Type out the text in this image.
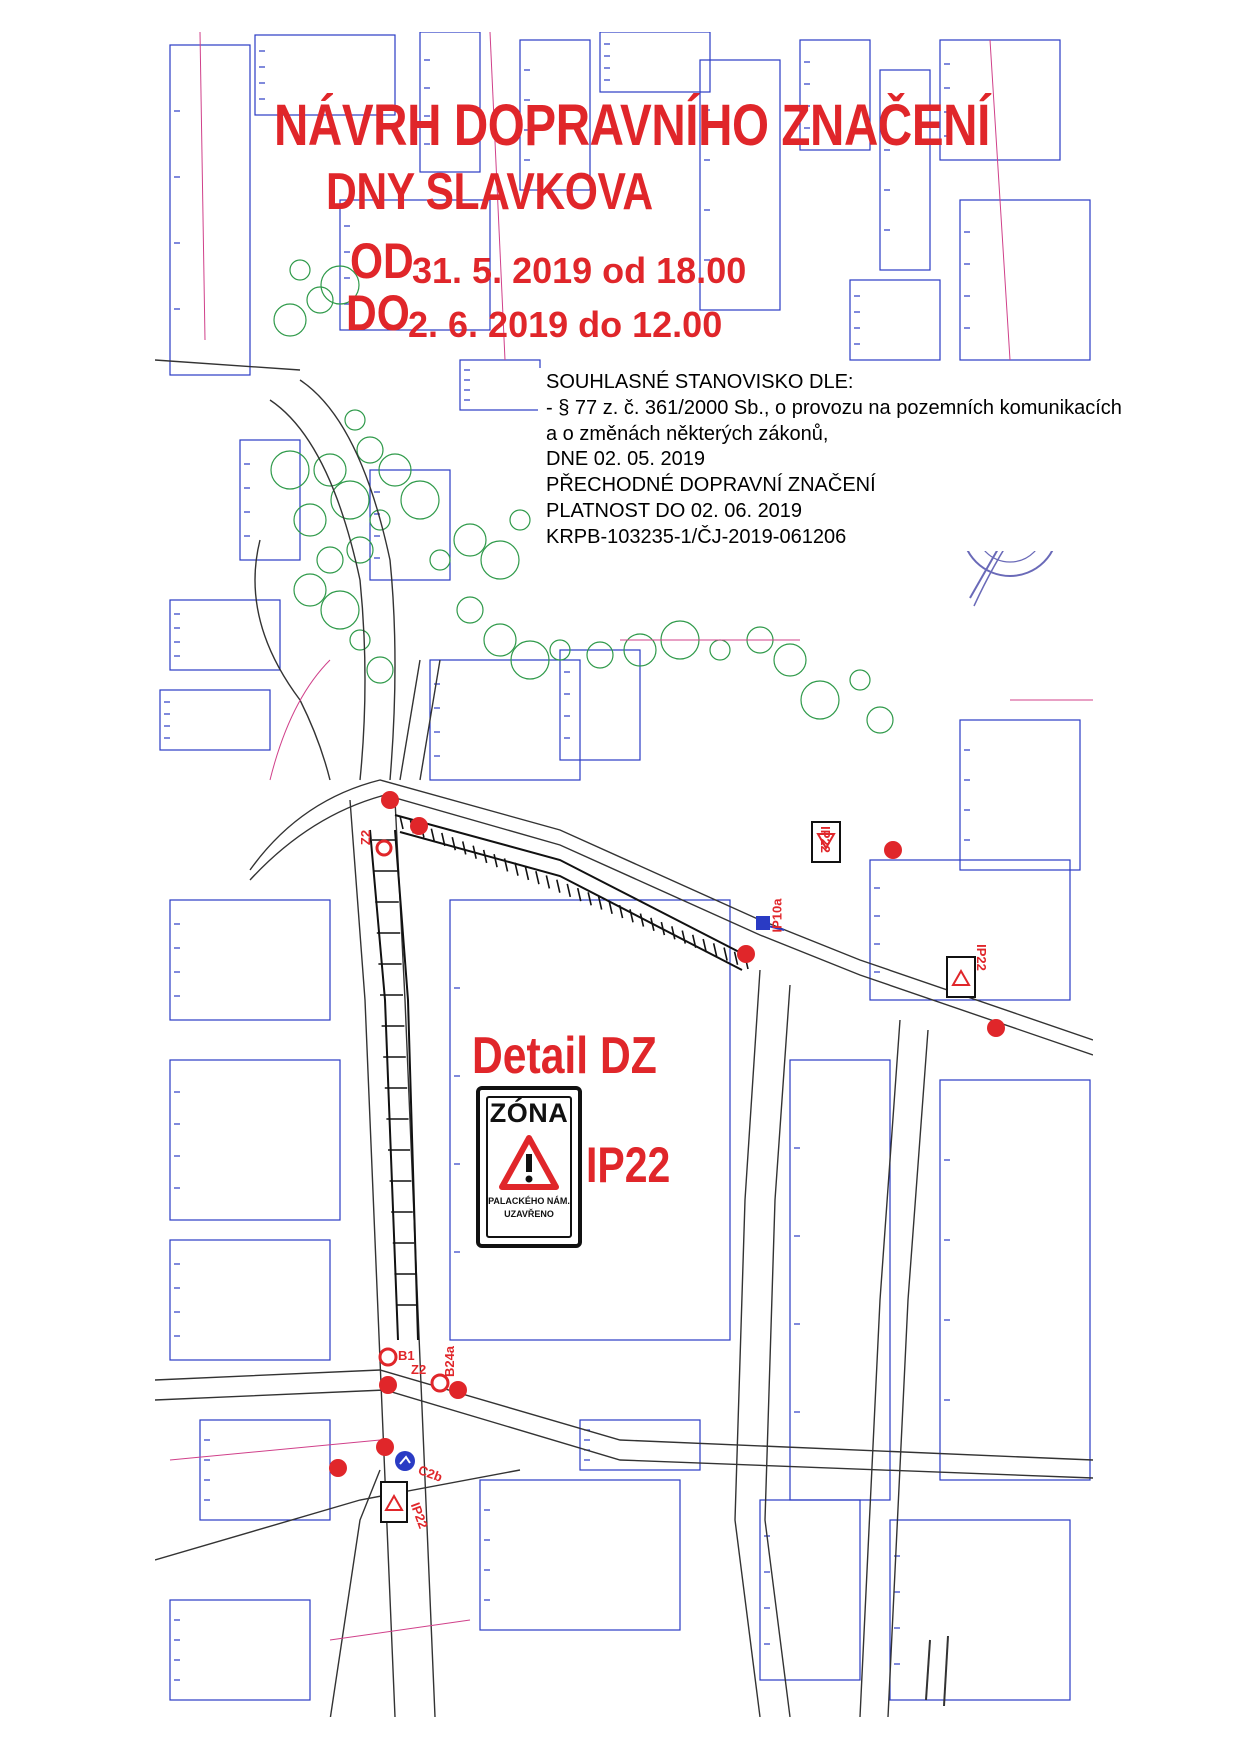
NÁVRH DOPRAVNÍHO ZNAČENÍ
DNY SLAVKOVA
OD
31. 5. 2019 od 18.00
DO
2. 6. 2019 do 12.00
SOUHLASNÉ STANOVISKO DLE:
- § 77 z. č. 361/2000 Sb., o provozu na pozemních komunikacích
a o změnách některých zákonů,
DNE 02. 05. 2019
PŘECHODNÉ DOPRAVNÍ ZNAČENÍ
PLATNOST DO 02. 06. 2019
KRPB-103235-1/ČJ-2019-061206
Detail DZ
ZÓNA
PALACKÉHO NÁM.
UZAVŘENO
IP22
IP22
IP22
IP22
IP10a
Z2
B1
Z2 B24a
C2b
